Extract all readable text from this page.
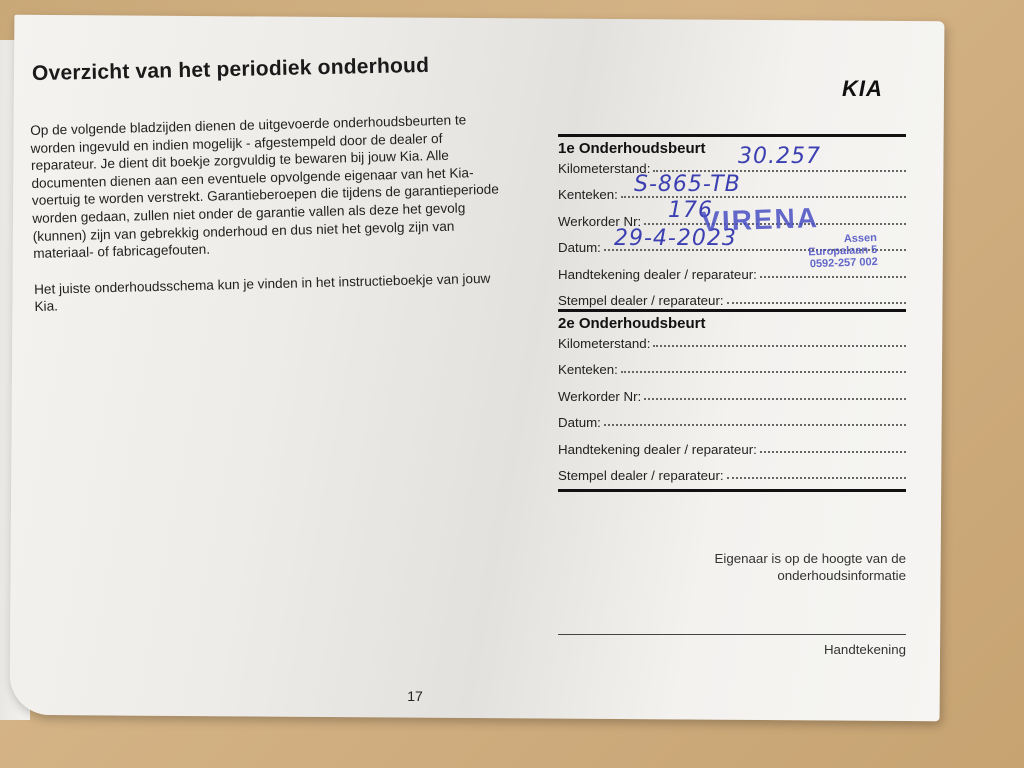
Overzicht van het periodiek onderhoud
KIA

Op de volgende bladzijden dienen de uitgevoerde onderhoudsbeurten te worden ingevuld en indien mogelijk - afgestempeld door de dealer of reparateur. Je dient dit boekje zorgvuldig te bewaren bij jouw Kia. Alle documenten dienen aan een eventuele opvolgende eigenaar van het Kia-voertuig te worden verstrekt. Garantieberoepen die tijdens de garantieperiode worden gedaan, zullen niet onder de garantie vallen als deze het gevolg (kunnen) zijn van gebrekkig onderhoud en dus niet het gevolg zijn van materiaal- of fabricagefouten.

Het juiste onderhoudsschema kun je vinden in het instructieboekje van jouw Kia.

1e Onderhoudsbeurt
Kilometerstand:
Kenteken:
Werkorder Nr:
Datum:
Handtekening dealer / reparateur:
Stempel dealer / reparateur:
2e Onderhoudsbeurt
Kilometerstand:
Kenteken:
Werkorder Nr:
Datum:
Handtekening dealer / reparateur:
Stempel dealer / reparateur:
30.257
S-865-TB
176
29-4-2023
VIRENA
Assen
Europalaan 5
0592-257 002
Eigenaar is op de hoogte van de onderhoudsinformatie
Handtekening
17
